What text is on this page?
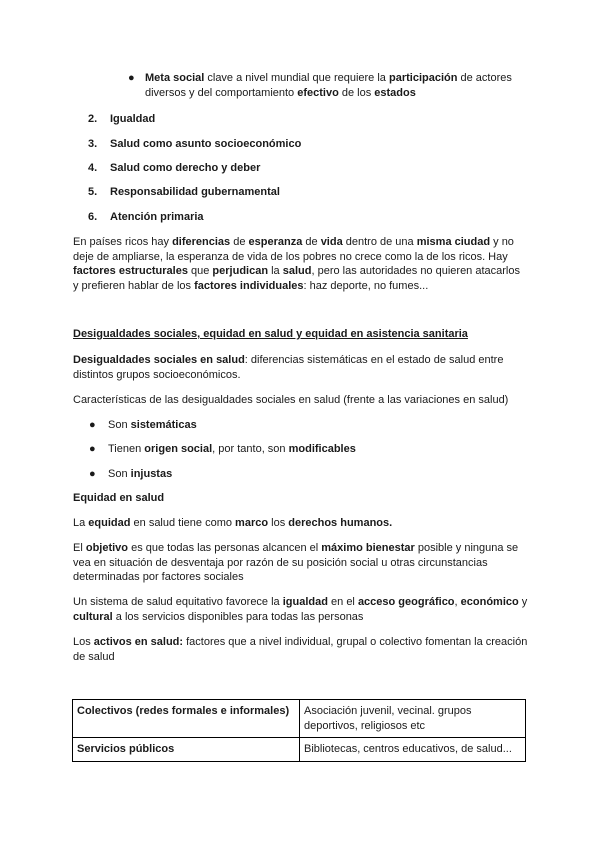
● Meta social clave a nivel mundial que requiere la participación de actores diversos y del comportamiento efectivo de los estados
2. Igualdad
3. Salud como asunto socioeconómico
4. Salud como derecho y deber
5. Responsabilidad gubernamental
6. Atención primaria
En países ricos hay diferencias de esperanza de vida dentro de una misma ciudad y no deje de ampliarse, la esperanza de vida de los pobres no crece como la de los ricos. Hay factores estructurales que perjudican la salud, pero las autoridades no quieren atacarlos y prefieren hablar de los factores individuales: haz deporte, no fumes...
Desigualdades sociales, equidad en salud y equidad en asistencia sanitaria
Desigualdades sociales en salud: diferencias sistemáticas en el estado de salud entre distintos grupos socioeconómicos.
Características de las desigualdades sociales en salud (frente a las variaciones en salud)
● Son sistemáticas
● Tienen origen social, por tanto, son modificables
● Son injustas
Equidad en salud
La equidad en salud tiene como marco los derechos humanos.
El objetivo es que todas las personas alcancen el máximo bienestar posible y ninguna se vea en situación de desventaja por razón de su posición social u otras circunstancias determinadas por factores sociales
Un sistema de salud equitativo favorece la igualdad en el acceso geográfico, económico y cultural a los servicios disponibles para todas las personas
Los activos en salud: factores que a nivel individual, grupal o colectivo fomentan la creación de salud
Colectivos (redes formales e informales)	Asociación juvenil, vecinal. grupos deportivos, religiosos etc
Servicios públicos	Bibliotecas, centros educativos, de salud...
